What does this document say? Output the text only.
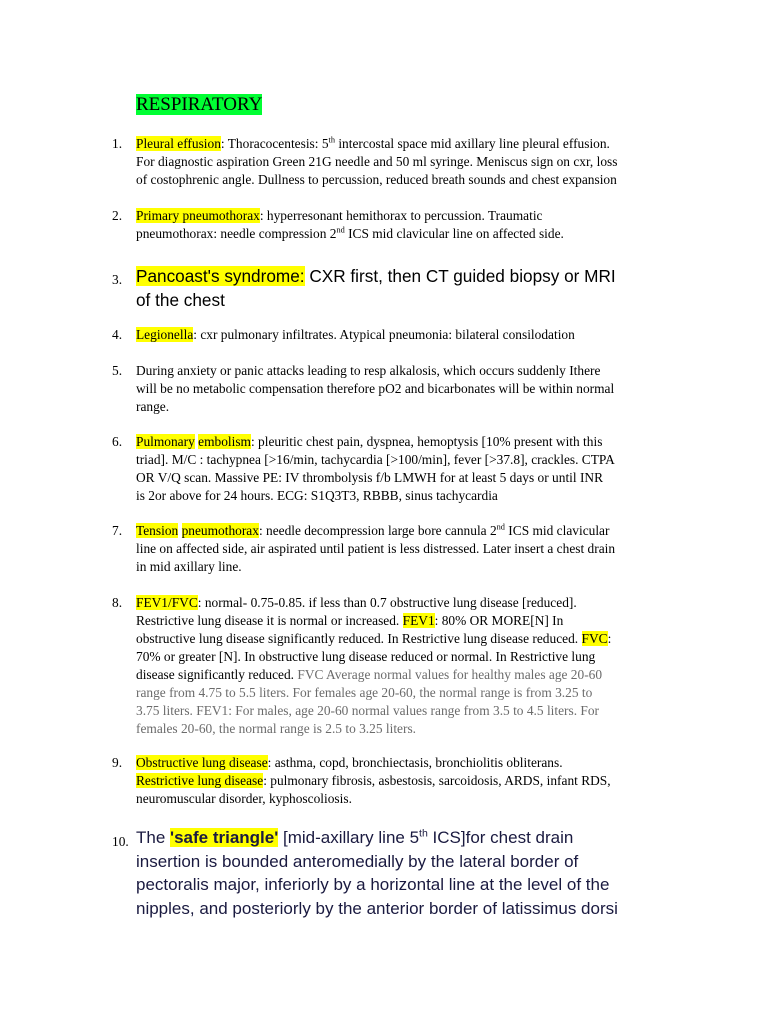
RESPIRATORY
1. Pleural effusion: Thoracocentesis: 5th intercostal space mid axillary line pleural effusion.
For diagnostic aspiration Green 21G needle and 50 ml syringe. Meniscus sign on cxr, loss
of costophrenic angle. Dullness to percussion, reduced breath sounds and chest expansion
2. Primary pneumothorax: hyperresonant hemithorax to percussion. Traumatic
pneumothorax: needle compression 2nd ICS mid clavicular line on affected side.
3. Pancoast's syndrome: CXR first, then CT guided biopsy or MRI
of the chest
4. Legionella: cxr pulmonary infiltrates. Atypical pneumonia: bilateral consilodation
5. During anxiety or panic attacks leading to resp alkalosis, which occurs suddenly Ithere
will be no metabolic compensation therefore pO2 and bicarbonates will be within normal
range.
6. Pulmonary embolism: pleuritic chest pain, dyspnea, hemoptysis [10% present with this
triad]. M/C : tachypnea [>16/min, tachycardia [>100/min], fever [>37.8], crackles. CTPA
OR V/Q scan. Massive PE: IV thrombolysis f/b LMWH for at least 5 days or until INR
is 2or above for 24 hours. ECG: S1Q3T3, RBBB, sinus tachycardia
7. Tension pneumothorax: needle decompression large bore cannula 2nd ICS mid clavicular
line on affected side, air aspirated until patient is less distressed. Later insert a chest drain
in mid axillary line.
8. FEV1/FVC: normal- 0.75-0.85. if less than 0.7 obstructive lung disease [reduced].
Restrictive lung disease it is normal or increased. FEV1: 80% OR MORE[N] In
obstructive lung disease significantly reduced. In Restrictive lung disease reduced. FVC:
70% or greater [N]. In obstructive lung disease reduced or normal. In Restrictive lung
disease significantly reduced. FVC Average normal values for healthy males age 20-60
range from 4.75 to 5.5 liters. For females age 20-60, the normal range is from 3.25 to
3.75 liters. FEV1: For males, age 20-60 normal values range from 3.5 to 4.5 liters. For
females 20-60, the normal range is 2.5 to 3.25 liters.
9. Obstructive lung disease: asthma, copd, bronchiectasis, bronchiolitis obliterans.
Restrictive lung disease: pulmonary fibrosis, asbestosis, sarcoidosis, ARDS, infant RDS,
neuromuscular disorder, kyphoscoliosis.
10. The 'safe triangle' [mid-axillary line 5th ICS]for chest drain
insertion is bounded anteromedially by the lateral border of
pectoralis major, inferiorly by a horizontal line at the level of the
nipples, and posteriorly by the anterior border of latissimus dorsi
